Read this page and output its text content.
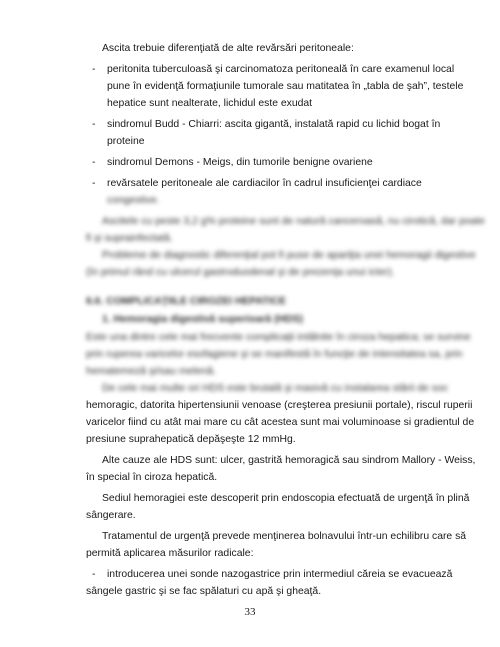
Ascita trebuie diferenţiată de alte revărsări peritoneale:
- peritonita tuberculoasă şi carcinomatoza peritoneală în care examenul local
pune în evidenţă formaţiunile tumorale sau matitatea în „tabla de şah”, testele
hepatice sunt nealterate, lichidul este exudat
- sindromul Budd - Chiarri: ascita gigantă, instalată rapid cu lichid bogat în
proteine
- sindromul Demons - Meigs, din tumorile benigne ovariene
- revărsatele peritoneale ale cardiacilor în cadrul insuficienţei cardiace
congestive.
Ascitele cu peste 3,2 g% proteine sunt de natură canceroasă, nu cirotică, dar poate
fi şi suprainfectată.
Probleme de diagnostic diferenţial pot fi puse de apariţia unei hemoragii digestive
(în primul rând cu ulcerul gastroduodenal şi de prezenţa unui icter).
6.6. COMPLICAŢIILE CIROZEI HEPATICE
1. Hemoragia digestivă superioară (HDS)
Este una dintre cele mai frecvente complicaţii intâlnite în ciroza hepatica; se survine
prin ruperea varicelor esofagiene şi se manifestă în funcţie de intensitatea sa, prin
hematemeză şi/sau melenă.
De cele mai multe ori HDS este brutală şi masivă cu instalarea stării de soc
hemoragic, datorita hipertensiunii venoase (creşterea presiunii portale), riscul ruperii
varicelor fiind cu atât mai mare cu cât acestea sunt mai voluminoase si gradientul de
presiune suprahepatică depăşeşte 12 mmHg.
Alte cauze ale HDS sunt: ulcer, gastrită hemoragică sau sindrom Mallory - Weiss,
în special în ciroza hepatică.
Sediul hemoragiei este descoperit prin endoscopia efectuată de urgenţă în plină
sângerare.
Tratamentul de urgenţă prevede menţinerea bolnavului într-un echilibru care să
permită aplicarea măsurilor radicale:
- introducerea unei sonde nazogastrice prin intermediul căreia se evacuează
sângele gastric şi se fac spălaturi cu apă şi gheaţă.
33
